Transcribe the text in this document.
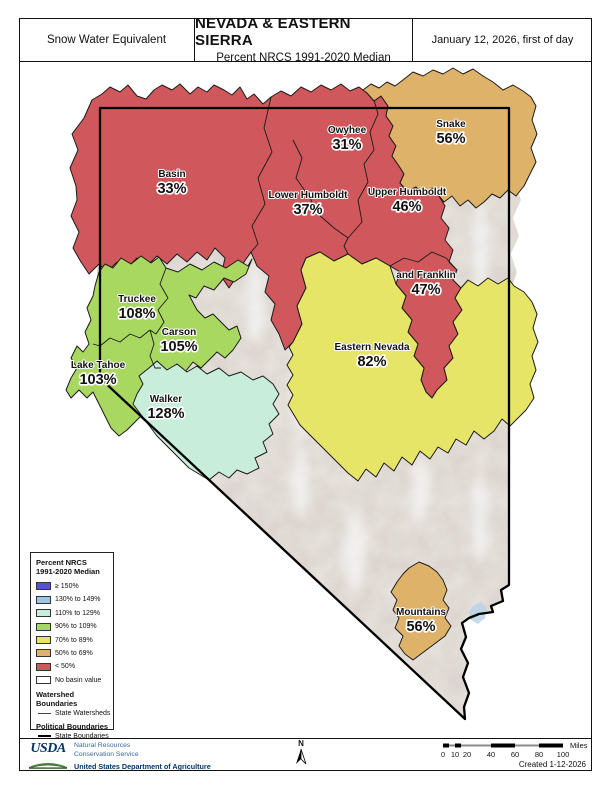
Snow Water Equivalent
NEVADA & EASTERN SIERRA
Percent NRCS 1991-2020 Median
January 12, 2026, first of day
Basin
33%
Owyhee
31%
Snake
56%
Lower Humboldt
37%
Upper Humboldt
46%
and Franklin
47%
Truckee
108%
Carson
105%
Lake Tahoe
103%
Walker
128%
Eastern Nevada
82%
Mountains
56%
Percent NRCS
1991-2020 Median
≥ 150%
130% to 149%
110% to 129%
90% to 109%
70% to 89%
50% to 69%
< 50%
No basin value
Watershed Boundaries
State Watersheds
Political Boundaries
State Boundaries
USDA	Natural Resources
Conservation Service
United States Department of Agriculture
N
0 10 20 40 60 80 100
Miles
Created 1-12-2026
